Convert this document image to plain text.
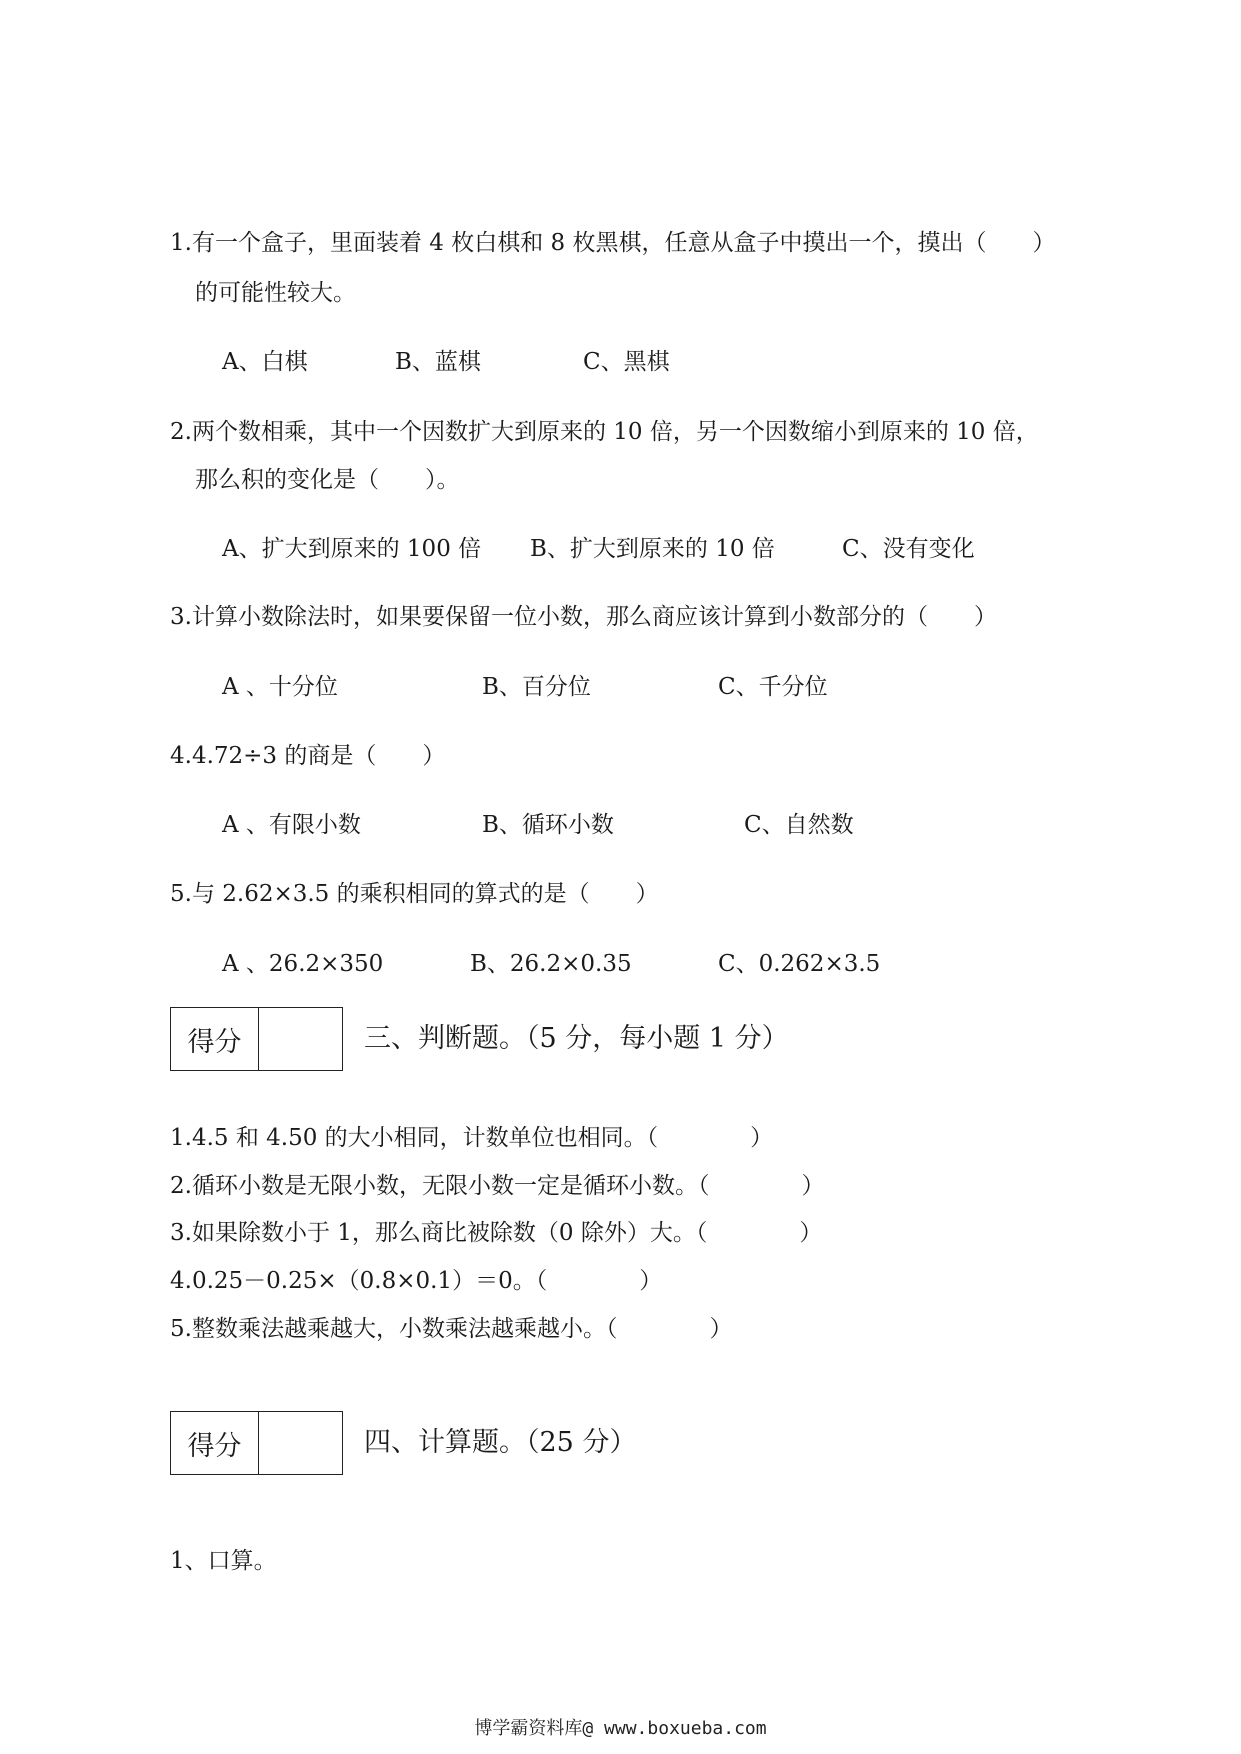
1.有一个盒子，里面装着 4 枚白棋和 8 枚黑棋，任意从盒子中摸出一个，摸出（　　）
的可能性较大。
A、白棋	B、蓝棋	C、黑棋
2.两个数相乘，其中一个因数扩大到原来的 10 倍，另一个因数缩小到原来的 10 倍，
那么积的变化是（　　）。
A、扩大到原来的 100 倍 B、扩大到原来的 10 倍	C、没有变化
3.计算小数除法时，如果要保留一位小数，那么商应该计算到小数部分的（　　）
A 、十分位	B、百分位	C、千分位
4.4.72÷3 的商是（　　）
A 、有限小数	B、循环小数	C、自然数
5.与 2.62×3.5 的乘积相同的算式的是（　　）
A 、26.2×350	B、26.2×0.35	C、0.262×3.5
得分	三、判断题。（5 分，每小题 1 分）
1.4.5 和 4.50 的大小相同，计数单位也相同。（　　　　）
2.循环小数是无限小数，无限小数一定是循环小数。（　　　　）
3.如果除数小于 1，那么商比被除数（0 除外）大。（　　　　）
4.0.25－0.25×（0.8×0.1）＝0。（　　　　）
5.整数乘法越乘越大，小数乘法越乘越小。（　　　　）
得分	四、计算题。（25 分）
1、口算。
博学霸资料库@ www.boxueba.com
